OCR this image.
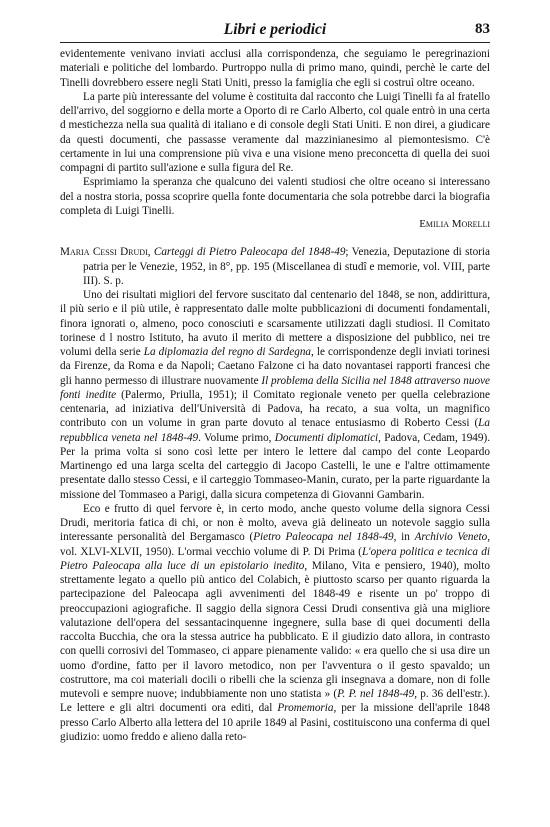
Libri e periodici	83

evidentemente venivano inviati acclusi alla corrispondenza, che seguiamo le peregrinazioni materiali e politiche del lombardo. Purtroppo nulla di primo mano, quindi, perchè le carte del Tinelli dovrebbero essere negli Stati Uniti, presso la famiglia che egli si costruì oltre oceano.

La parte più interessante del volume è costituita dal racconto che Luigi Tinelli fa al fratello dell'arrivo, del soggiorno e della morte a Oporto di re Carlo Alberto, col quale entrò in una certa d mestichezza nella sua qualità di italiano e di console degli Stati Uniti. E non direi, a giudicare da questi documenti, che passasse veramente dal mazzinianesimo al piemontesismo. C'è certamente in lui una comprensione più viva e una visione meno preconcetta di quella dei suoi compagni di partito sull'azione e sulla figura del Re.

Esprimiamo la speranza che qualcuno dei valenti studiosi che oltre oceano si interessano del a nostra storia, possa scoprire quella fonte documentaria che sola potrebbe darci la biografia completa di Luigi Tinelli.

Emilia Morelli

Maria Cessi Drudi, Carteggi di Pietro Paleocapa del 1848-49; Venezia, Deputazione di storia patria per le Venezie, 1952, in 8°, pp. 195 (Miscellanea di studî e memorie, vol. VIII, parte III). S. p.

Uno dei risultati migliori del fervore suscitato dal centenario del 1848, se non, addirittura, il più serio e il più utile, è rappresentato dalle molte pubblicazioni di documenti fondamentali, finora ignorati o, almeno, poco conosciuti e scarsamente utilizzati dagli studiosi. Il Comitato torinese d l nostro Istituto, ha avuto il merito di mettere a disposizione del pubblico, nei tre volumi della serie La diplomazia del regno di Sardegna, le corrispondenze degli inviati torinesi da Firenze, da Roma e da Napoli; Caetano Falzone ci ha dato novantasei rapporti francesi che gli hanno permesso di illustrare nuovamente Il problema della Sicilia nel 1848 attraverso nuove fonti inedite (Palermo, Priulla, 1951); il Comitato regionale veneto per quella celebrazione centenaria, ad iniziativa dell'Università di Padova, ha recato, a sua volta, un magnifico contributo con un volume in gran parte dovuto al tenace entusiasmo di Roberto Cessi (La repubblica veneta nel 1848-49. Volume primo, Documenti diplomatici, Padova, Cedam, 1949). Per la prima volta si sono così lette per intero le lettere dal campo del conte Leopardo Martinengo ed una larga scelta del carteggio di Jacopo Castelli, le une e l'altre ottimamente presentate dallo stesso Cessi, e il carteggio Tommaseo-Manin, curato, per la parte riguardante la missione del Tommaseo a Parigi, dalla sicura competenza di Giovanni Gambarin.

Eco e frutto di quel fervore è, in certo modo, anche questo volume della signora Cessi Drudi, meritoria fatica di chi, or non è molto, aveva già delineato un notevole saggio sulla interessante personalità del Bergamasco (Pietro Paleocapa nel 1848-49, in Archivio Veneto, vol. XLVI-XLVII, 1950). L'ormai vecchio volume di P. Di Prima (L'opera politica e tecnica di Pietro Paleocapa alla luce di un epistolario inedito, Milano, Vita e pensiero, 1940), molto strettamente legato a quello più antico del Colabich, è piuttosto scarso per quanto riguarda la partecipazione del Paleocapa agli avvenimenti del 1848-49 e risente un po' troppo di preoccupazioni agiografiche. Il saggio della signora Cessi Drudi consentiva già una migliore valutazione dell'opera del sessantacinquenne ingegnere, sulla base di quei documenti della raccolta Bucchia, che ora la stessa autrice ha pubblicato. E il giudizio dato allora, in contrasto con quelli corrosivi del Tommaseo, ci appare pienamente valido: « era quello che si usa dire un uomo d'ordine, fatto per il lavoro metodico, non per l'avventura o il gesto spavaldo; un costruttore, ma coi materiali docili o ribelli che la scienza gli insegnava a domare, non di folle mutevoli e sempre nuove; indubbiamente non uno statista » (P. P. nel 1848-49, p. 36 dell'estr.). Le lettere e gli altri documenti ora editi, dal Promemoria, per la missione dell'aprile 1848 presso Carlo Alberto alla lettera del 10 aprile 1849 al Pasini, costituiscono una conferma di quel giudizio: uomo freddo e alieno dalla reto-
